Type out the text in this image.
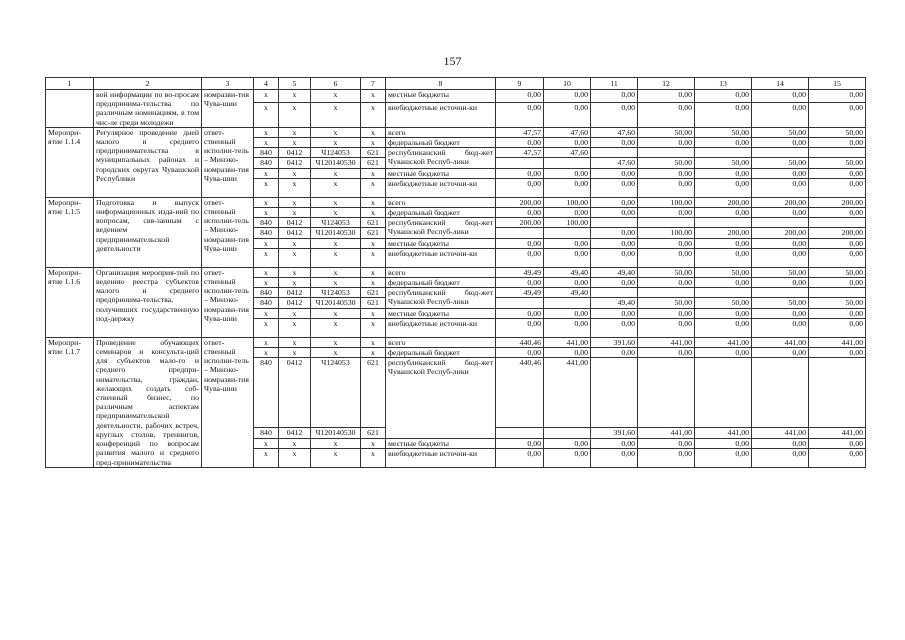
157
1	2	3	4	5	6	7	8	9	10	11	12	13	14	15
	вой информации по во-просам предпринима-тельства по различным номинациям, в том чис-ле среди молодежи	номразви-тия Чува-шии	x	x	x	x	местные бюджеты	0,00	0,00	0,00	0,00	0,00	0,00	0,00
			x	x	x	x	внебюджетные источни-ки	0,00	0,00	0,00	0,00	0,00	0,00	0,00
Меропри-ятие 1.1.4	Регулярное проведение дней малого и среднего предпринимательства в муниципальных районах и городских округах Чувашской Республики	ответ-ственный исполни-тель – Минэко-номразви-тия Чува-шии	x	x	x	x	всего	47,57	47,60	47,60	50,00	50,00	50,00	50,00
			x	x	x	x	федеральный бюджет	0,00	0,00	0,00	0,00	0,00	0,00	0,00
			840	0412	Ч124053	621	республиканский бюд-жет Чувашской Респуб-лики	47,57	47,60					
			840	0412	Ч120140530	621				47,60	50,00	50,00	50,00	50,00
			x	x	x	x	местные бюджеты	0,00	0,00	0,00	0,00	0,00	0,00	0,00
			x	x	x	x	внебюджетные источни-ки	0,00	0,00	0,00	0,00	0,00	0,00	0,00
Меропри-ятие 1.1.5	Подготовка и выпуск информационных изда-ний по вопросам, свя-занным с ведением предпринимательской деятельности	ответ-ственный исполни-тель – Минэко-номразви-тия Чува-шии	x	x	x	x	всего	200,00	100,00	0,00	100,00	200,00	200,00	200,00
			x	x	x	x	федеральный бюджет	0,00	0,00	0,00	0,00	0,00	0,00	0,00
			840	0412	Ч124053	621	республиканский бюд-жет Чувашской Респуб-лики	200,00	100,00					
			840	0412	Ч120140530	621				0,00	100,00	200,00	200,00	200,00
			x	x	x	x	местные бюджеты	0,00	0,00	0,00	0,00	0,00	0,00	0,00
			x	x	x	x	внебюджетные источни-ки	0,00	0,00	0,00	0,00	0,00	0,00	0,00
Меропри-ятие 1.1.6	Организация мероприя-тий по ведению реестра субъектов малого и среднего предпринима-тельства, получивших государственную под-держку	ответ-ственный исполни-тель – Минэко-номразви-тия Чува-шии	x	x	x	x	всего	49,49	49,40	49,40	50,00	50,00	50,00	50,00
			x	x	x	x	федеральный бюджет	0,00	0,00	0,00	0,00	0,00	0,00	0,00
			840	0412	Ч124053	621	республиканский бюд-жет Чувашской Респуб-лики	49,49	49,40					
			840	0412	Ч120140530	621				49,40	50,00	50,00	50,00	50,00
			x	x	x	x	местные бюджеты	0,00	0,00	0,00	0,00	0,00	0,00	0,00
			x	x	x	x	внебюджетные источни-ки	0,00	0,00	0,00	0,00	0,00	0,00	0,00
Меропри-ятие 1.1.7	Проведение обучающих семинаров и консульта-ций для субъектов мало-го и среднего предпри-нимательства, граждан, желающих создать соб-ственный бизнес, по различным аспектам предпринимательской деятельности, рабочих встреч, круглых столов, тренингов, конференций по вопросам развития малого и среднего пред-принимательства	ответ-ственный исполни-тель – Минэко-номразви-тия Чува-шии	x	x	x	x	всего	440,46	441,00	391,60	441,00	441,00	441,00	441,00
			x	x	x	x	федеральный бюджет	0,00	0,00	0,00	0,00	0,00	0,00	0,00
			840	0412	Ч124053	621	республиканский бюд-жет Чувашской Респуб-лики	440,46	441,00					
			840	0412	Ч120140530	621				391,60	441,00	441,00	441,00	441,00
			x	x	x	x	местные бюджеты	0,00	0,00	0,00	0,00	0,00	0,00	0,00
			x	x	x	x	внебюджетные источни-ки	0,00	0,00	0,00	0,00	0,00	0,00	0,00
